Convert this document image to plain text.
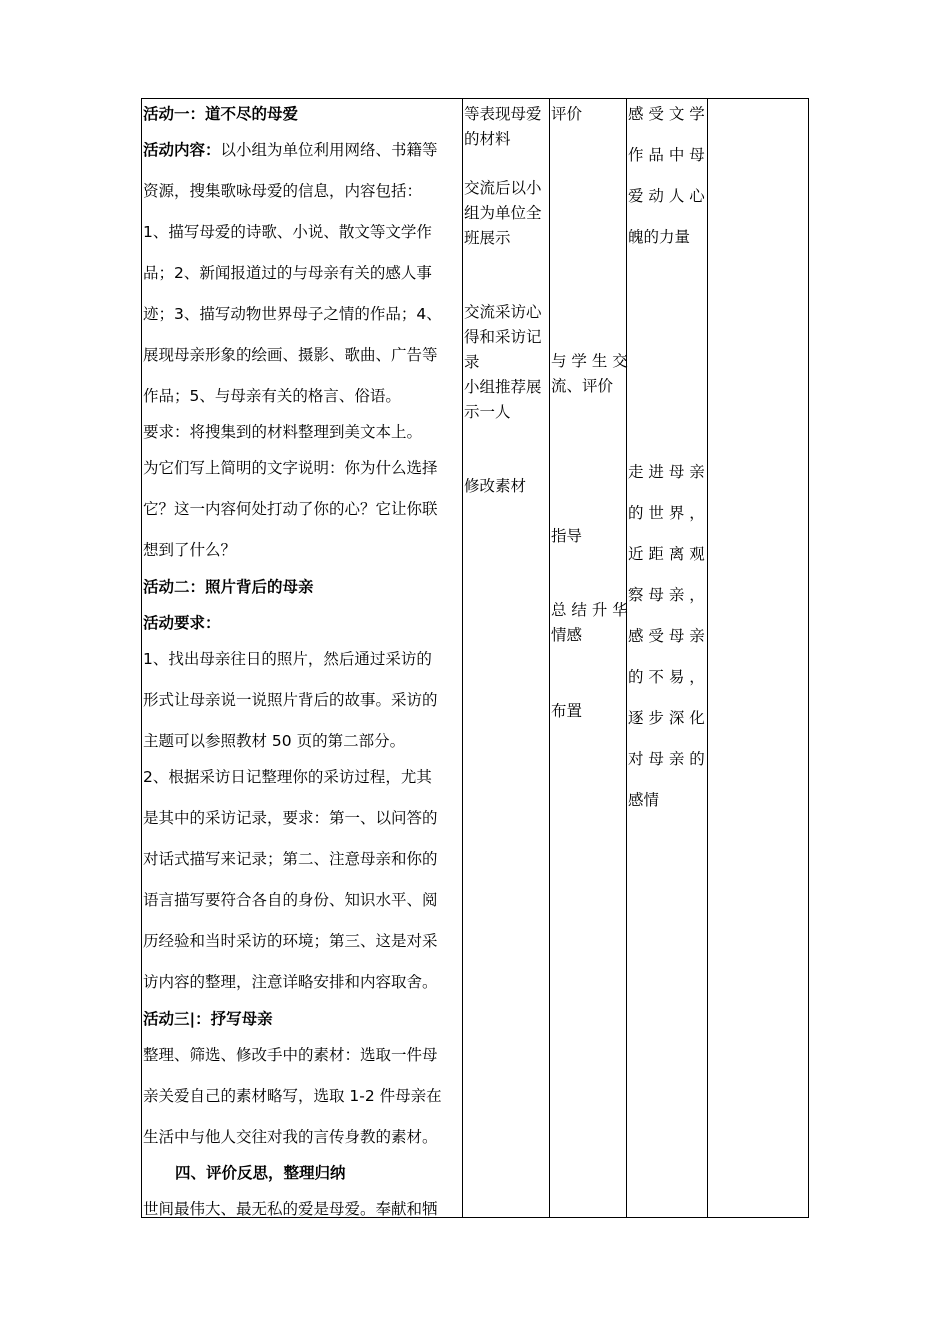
活动一：道不尽的母爱
活动内容：以小组为单位利用网络、书籍等
资源，搜集歌咏母爱的信息，内容包括：
1、描写母爱的诗歌、小说、散文等文学作
品；2、新闻报道过的与母亲有关的感人事
迹；3、描写动物世界母子之情的作品；4、
展现母亲形象的绘画、摄影、歌曲、广告等
作品；5、与母亲有关的格言、俗语。
要求：将搜集到的材料整理到美文本上。
为它们写上简明的文字说明：你为什么选择
它？这一内容何处打动了你的心？它让你联
想到了什么？
活动二：照片背后的母亲
活动要求：
1、找出母亲往日的照片，然后通过采访的
形式让母亲说一说照片背后的故事。采访的
主题可以参照教材 50 页的第二部分。
2、根据采访日记整理你的采访过程，尤其
是其中的采访记录，要求：第一、以问答的
对话式描写来记录；第二、注意母亲和你的
语言描写要符合各自的身份、知识水平、阅
历经验和当时采访的环境；第三、这是对采
访内容的整理，注意详略安排和内容取舍。
活动三|：抒写母亲
整理、筛选、修改手中的素材：选取一件母
亲关爱自己的素材略写，选取 1-2 件母亲在
生活中与他人交往对我的言传身教的素材。
四、评价反思，整理归纳
世间最伟大、最无私的爱是母爱。奉献和牺
等表现母爱
的材料
交流后以小
组为单位全
班展示
交流采访心
得和采访记
录
小组推荐展
示一人
修改素材
评价
与 学 生 交
流、评价
指导
总 结 升 华
情感
布置
感 受 文 学
作 品 中 母
爱 动 人 心
魄的力量
走 进 母 亲
的 世 界 ，
近 距 离 观
察 母 亲 ，
感 受 母 亲
的 不 易 ，
逐 步 深 化
对 母 亲 的
感情
